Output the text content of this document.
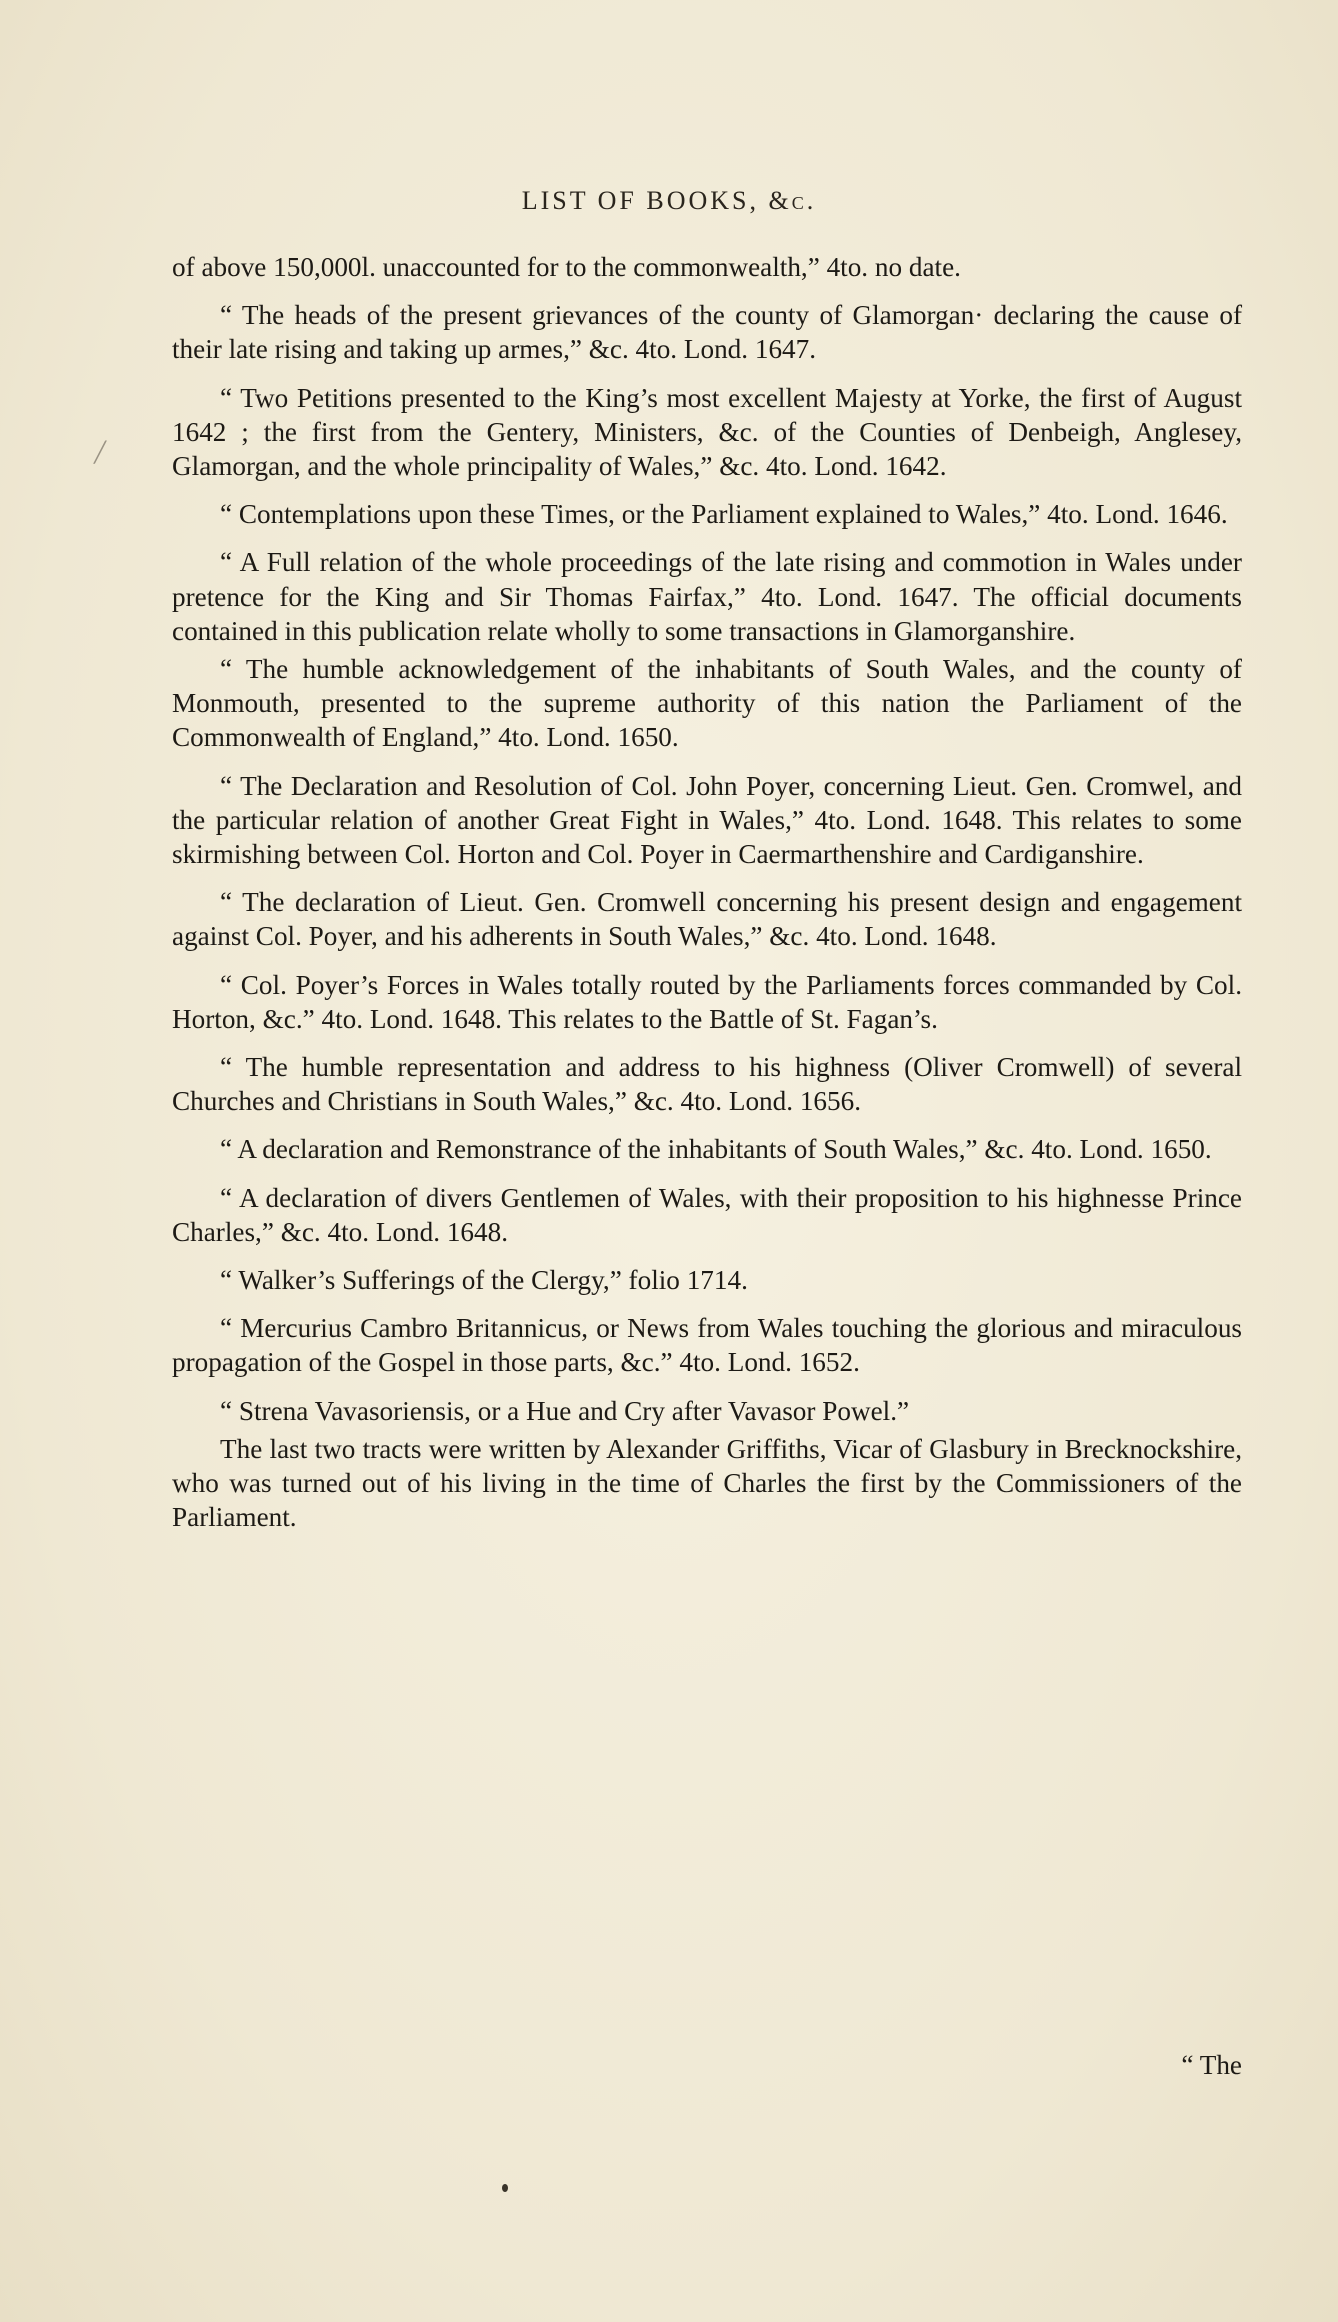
LIST OF BOOKS, &c.
╱

of above 150,000l. unaccounted for to the commonwealth,” 4to. no date.

“ The heads of the present grievances of the county of Glamorgan· declaring the cause of their late rising and taking up armes,” &c. 4to. Lond. 1647.

“ Two Petitions presented to the King’s most excellent Majesty at Yorke, the first of August 1642 ; the first from the Gentery, Ministers, &c. of the Counties of Denbeigh, Anglesey, Glamorgan, and the whole principality of Wales,” &c. 4to. Lond. 1642.

“ Contemplations upon these Times, or the Parliament explained to Wales,” 4to. Lond. 1646.

“ A Full relation of the whole proceedings of the late rising and commotion in Wales under pretence for the King and Sir Thomas Fairfax,” 4to. Lond. 1647. The official documents contained in this publication relate wholly to some transactions in Glamorganshire.

“ The humble acknowledgement of the inhabitants of South Wales, and the county of Monmouth, presented to the supreme authority of this nation the Parliament of the Commonwealth of England,” 4to. Lond. 1650.

“ The Declaration and Resolution of Col. John Poyer, concerning Lieut. Gen. Cromwel, and the particular relation of another Great Fight in Wales,” 4to. Lond. 1648. This relates to some skirmishing between Col. Horton and Col. Poyer in Caermarthenshire and Cardiganshire.

“ The declaration of Lieut. Gen. Cromwell concerning his present design and engagement against Col. Poyer, and his adherents in South Wales,” &c. 4to. Lond. 1648.

“ Col. Poyer’s Forces in Wales totally routed by the Parliaments forces commanded by Col. Horton, &c.” 4to. Lond. 1648. This relates to the Battle of St. Fagan’s.

“ The humble representation and address to his highness (Oliver Cromwell) of several Churches and Christians in South Wales,” &c. 4to. Lond. 1656.

“ A declaration and Remonstrance of the inhabitants of South Wales,” &c. 4to. Lond. 1650.

“ A declaration of divers Gentlemen of Wales, with their proposition to his highnesse Prince Charles,” &c. 4to. Lond. 1648.

“ Walker’s Sufferings of the Clergy,” folio 1714.

“ Mercurius Cambro Britannicus, or News from Wales touching the glorious and miraculous propagation of the Gospel in those parts, &c.” 4to. Lond. 1652.

“ Strena Vavasoriensis, or a Hue and Cry after Vavasor Powel.”

The last two tracts were written by Alexander Griffiths, Vicar of Glasbury in Brecknockshire, who was turned out of his living in the time of Charles the first by the Commissioners of the Parliament.

“ The
